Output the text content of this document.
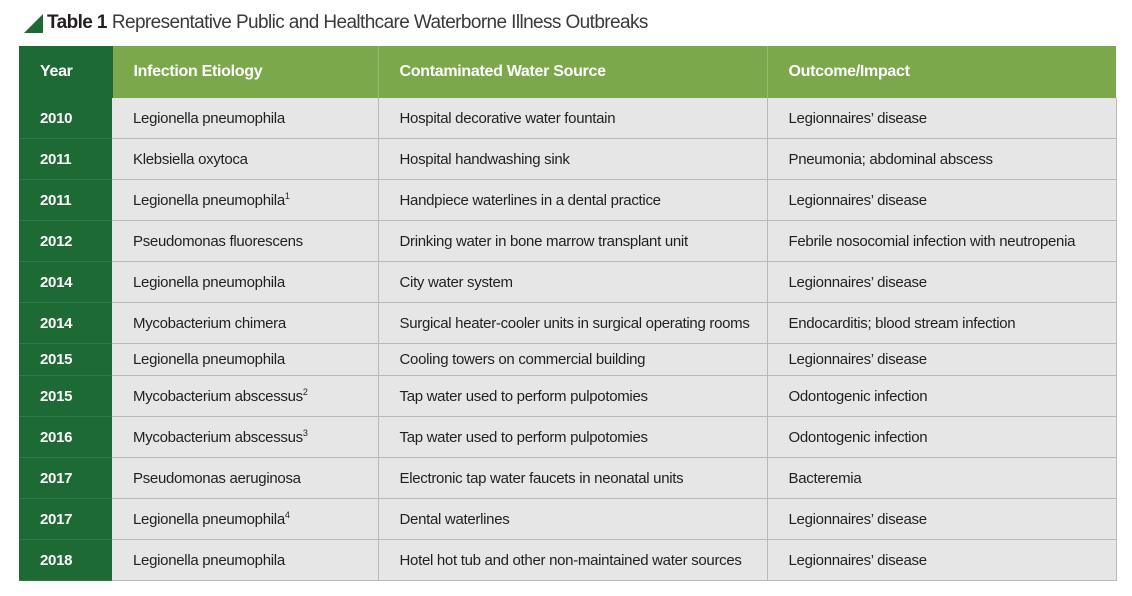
Table 1 Representative Public and Healthcare Waterborne Illness Outbreaks
Year	Infection Etiology	Contaminated Water Source	Outcome/Impact
2010	Legionella pneumophila	Hospital decorative water fountain	Legionnaires’ disease
2011	Klebsiella oxytoca	Hospital handwashing sink	Pneumonia; abdominal abscess
2011	Legionella pneumophila$^1$	Handpiece waterlines in a dental practice	Legionnaires’ disease
2012	Pseudomonas fluorescens	Drinking water in bone marrow transplant unit	Febrile nosocomial infection with neutropenia
2014	Legionella pneumophila	City water system	Legionnaires’ disease
2014	Mycobacterium chimera	Surgical heater-cooler units in surgical operating rooms	Endocarditis; blood stream infection
2015	Legionella pneumophila	Cooling towers on commercial building	Legionnaires’ disease
2015	Mycobacterium abscessus$^2$	Tap water used to perform pulpotomies	Odontogenic infection
2016	Mycobacterium abscessus$^3$	Tap water used to perform pulpotomies	Odontogenic infection
2017	Pseudomonas aeruginosa	Electronic tap water faucets in neonatal units	Bacteremia
2017	Legionella pneumophila$^4$	Dental waterlines	Legionnaires’ disease
2018	Legionella pneumophila	Hotel hot tub and other non-maintained water sources	Legionnaires’ disease
